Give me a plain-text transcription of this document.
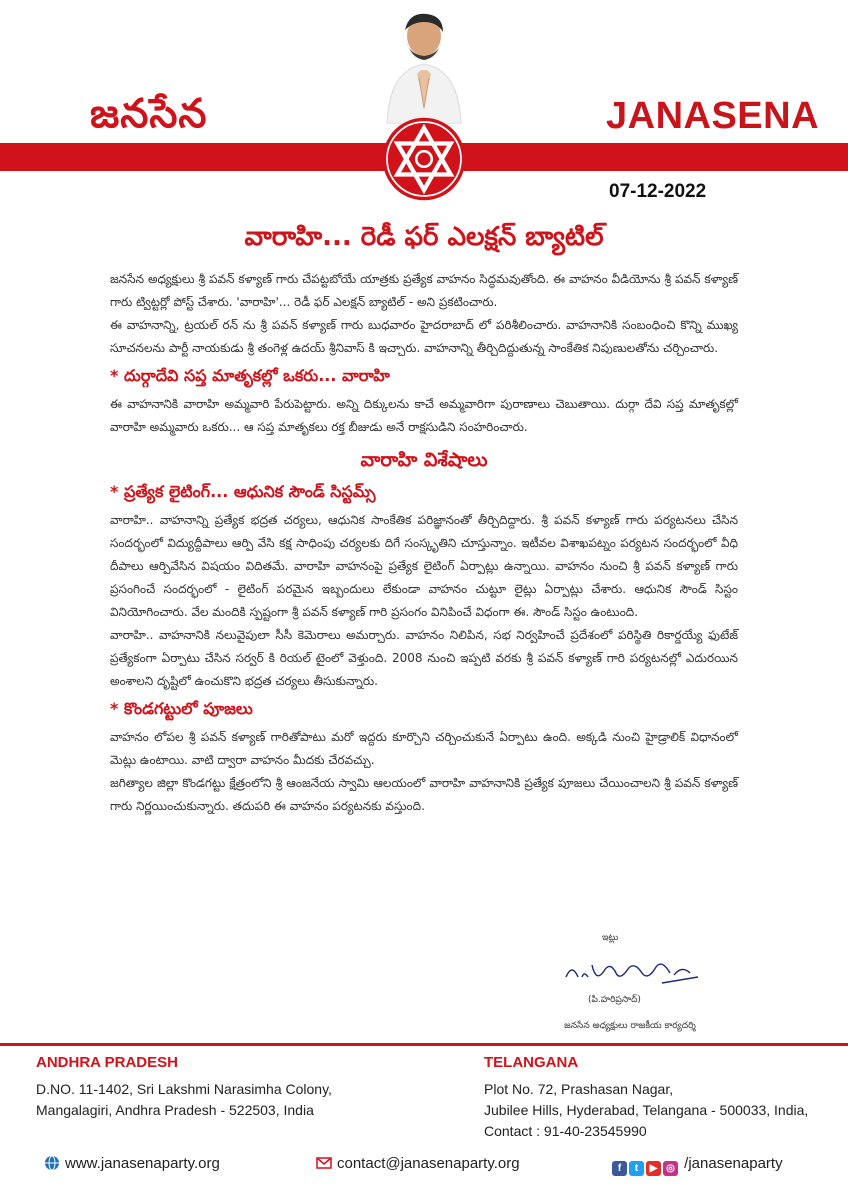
జనసేన	JANASENA
07-12-2022
వారాహి... రెడీ ఫర్ ఎలక్షన్ బ్యాటిల్

జనసేన అధ్యక్షులు శ్రీ పవన్ కళ్యాణ్ గారు చేపట్టబోయే యాత్రకు ప్రత్యేక వాహనం సిద్ధమవుతోంది. ఈ వాహనం వీడియోను శ్రీ పవన్ కళ్యాణ్ గారు ట్విట్టర్లో పోస్ట్ చేశారు. 'వారాహి'... రెడీ ఫర్ ఎలక్షన్ బ్యాటిల్ - అని ప్రకటించారు.

ఈ వాహనాన్ని, ట్రయల్ రన్ ను శ్రీ పవన్ కళ్యాణ్ గారు బుధవారం హైదరాబాద్ లో పరిశీలించారు. వాహనానికి సంబంధించి కొన్ని ముఖ్య సూచనలను పార్టీ నాయకుడు శ్రీ తంగెళ్ల ఉదయ్ శ్రీనివాస్ కి ఇచ్చారు. వాహనాన్ని తీర్చిదిద్దుతున్న సాంకేతిక నిపుణులతోను చర్చించారు.

* దుర్గాదేవి సప్త మాతృకల్లో ఒకరు... వారాహి

ఈ వాహనానికి వారాహి అమ్మవారి పేరుపెట్టారు. అన్ని దిక్కులను కాచే అమ్మవారిగా పురాణాలు చెబుతాయి. దుర్గా దేవి సప్త మాతృకల్లో వారాహి అమ్మవారు ఒకరు... ఆ సప్త మాతృకలు రక్త బీజుడు అనే రాక్షసుడిని సంహరించారు.

వారాహి విశేషాలు
* ప్రత్యేక లైటింగ్... ఆధునిక సౌండ్ సిస్టమ్స్

వారాహి.. వాహనాన్ని ప్రత్యేక భద్రత చర్యలు, ఆధునిక సాంకేతిక పరిజ్ఞానంతో తీర్చిదిద్దారు. శ్రీ పవన్ కళ్యాణ్ గారు పర్యటనలు చేసిన సందర్భంలో విద్యుద్దీపాలు ఆర్పి వేసి కక్ష సాధింపు చర్యలకు దిగే సంస్కృతిని చూస్తున్నాం. ఇటీవల విశాఖపట్నం పర్యటన సందర్భంలో వీధి దీపాలు ఆర్పివేసిన విషయం విదితమే. వారాహి వాహనంపై ప్రత్యేక లైటింగ్ ఏర్పాట్లు ఉన్నాయి. వాహనం నుంచి శ్రీ పవన్ కళ్యాణ్ గారు ప్రసంగించే సందర్భంలో - లైటింగ్ పరమైన ఇబ్బందులు లేకుండా వాహనం చుట్టూ లైట్లు ఏర్పాట్లు చేశారు. ఆధునిక సౌండ్ సిస్టం వినియోగించారు. వేల మందికి స్పష్టంగా శ్రీ పవన్ కళ్యాణ్ గారి ప్రసంగం వినిపించే విధంగా ఈ. సౌండ్ సిస్టం ఉంటుంది.

వారాహి.. వాహనానికి నలువైపులా సీసీ కెమెరాలు అమర్చారు. వాహనం నిలిపిన, సభ నిర్వహించే ప్రదేశంలో పరిస్థితి రికార్డయ్యే ఫుటేజ్ ప్రత్యేకంగా ఏర్పాటు చేసిన సర్వర్ కి రియల్ టైంలో వెళ్తుంది. 2008 నుంచి ఇప్పటి వరకు శ్రీ పవన్ కళ్యాణ్ గారి పర్యటనల్లో ఎదురయిన అంశాలని దృష్టిలో ఉంచుకొని భద్రత చర్యలు తీసుకున్నారు.

* కొండగట్టులో పూజలు

వాహనం లోపల శ్రీ పవన్ కళ్యాణ్ గారితోపాటు మరో ఇద్దరు కూర్చొని చర్చించుకునే ఏర్పాటు ఉంది. అక్కడి నుంచి హైడ్రాలిక్ విధానంలో మెట్లు ఉంటాయి. వాటి ద్వారా వాహనం మీదకు చేరవచ్చు.

జగిత్యాల జిల్లా కొండగట్టు క్షేత్రంలోని శ్రీ ఆంజనేయ స్వామి ఆలయంలో వారాహి వాహనానికి ప్రత్యేక పూజలు చేయించాలని శ్రీ పవన్ కళ్యాణ్ గారు నిర్ణయించుకున్నారు. తదుపరి ఈ వాహనం పర్యటనకు వస్తుంది.

ఇట్లు
(పి.హరిప్రసాద్)
జనసేన అధ్యక్షులు రాజకీయ కార్యదర్శి
ANDHRA PRADESH
D.NO. 11-1402, Sri Lakshmi Narasimha Colony,
Mangalagiri, Andhra Pradesh - 522503, India
TELANGANA
Plot No. 72, Prashasan Nagar,
Jubilee Hills, Hyderabad, Telangana - 500033, India,
Contact : 91-40-23545990
www.janasenaparty.org	contact@janasenaparty.org	f t ▶ ◎ /janasenaparty
